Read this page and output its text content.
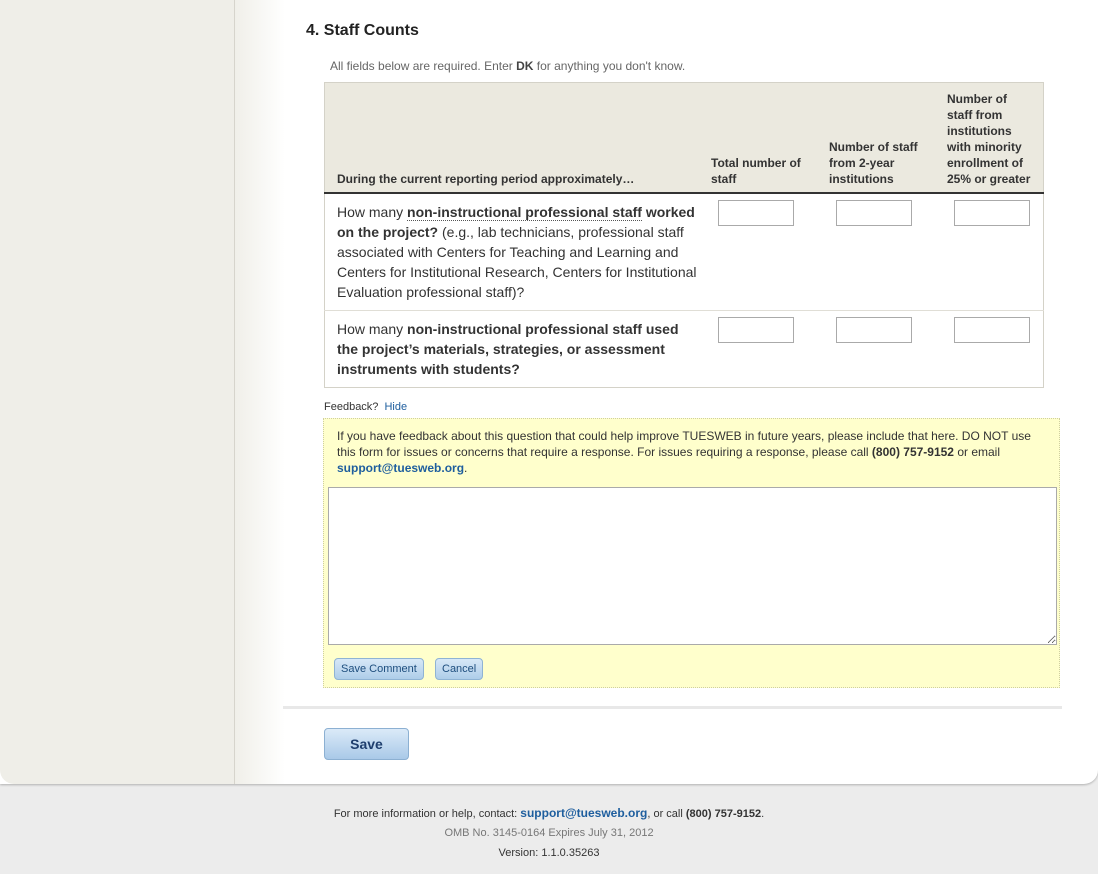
4. Staff Counts
All fields below are required. Enter DK for anything you don't know.
During the current reporting period approximately…	Total number of staff	Number of staff from 2-year institutions	Number of staff from institutions with minority enrollment of 25% or greater
How many non-instructional professional staff worked on the project? (e.g., lab technicians, professional staff associated with Centers for Teaching and Learning and Centers for Institutional Research, Centers for Institutional Evaluation professional staff)?			
How many non-instructional professional staff used the project’s materials, strategies, or assessment instruments with students?			
Feedback? Hide
If you have feedback about this question that could help improve TUESWEB in future years, please include that here. DO NOT use this form for issues or concerns that require a response. For issues requiring a response, please call (800) 757-9152 or email support@tuesweb.org.
Save Comment	Cancel
Save
For more information or help, contact: support@tuesweb.org, or call (800) 757-9152.
OMB No. 3145-0164 Expires July 31, 2012
Version: 1.1.0.35263
